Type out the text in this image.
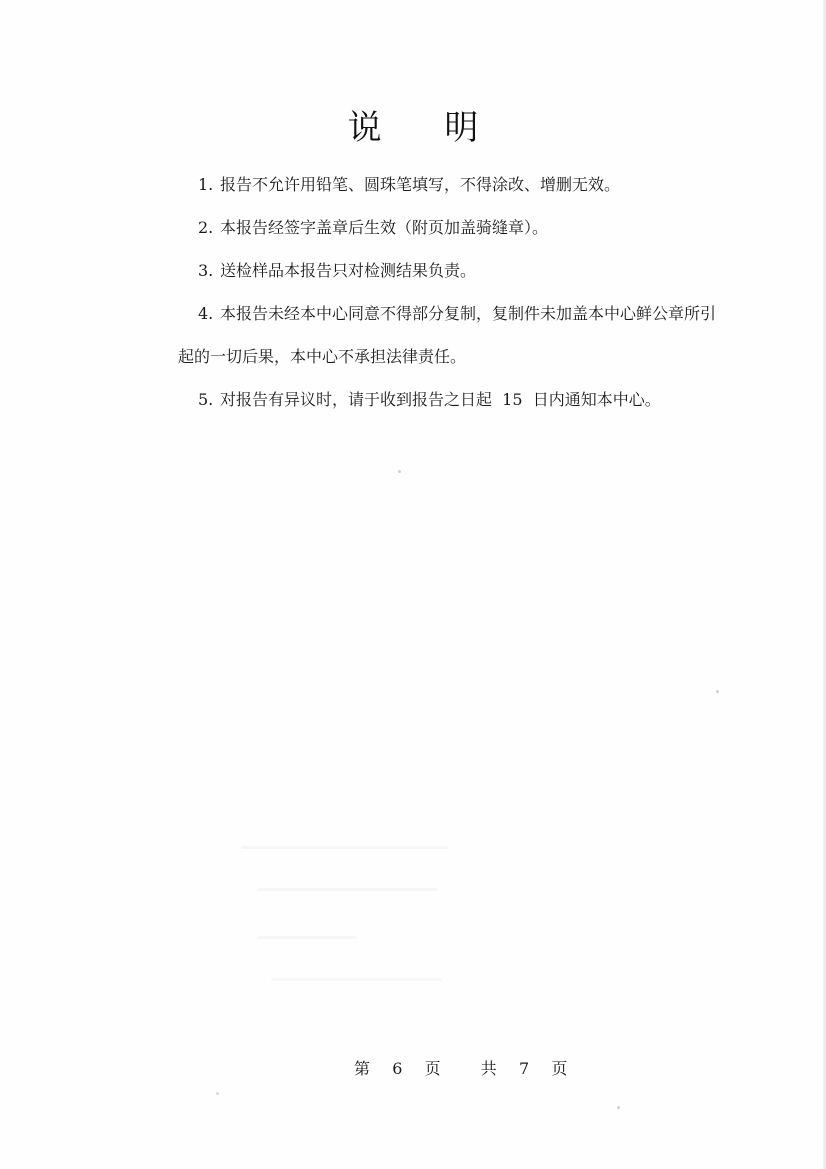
说 明
1. 报告不允许用铅笔、圆珠笔填写，不得涂改、增删无效。
2. 本报告经签字盖章后生效（附页加盖骑缝章）。
3. 送检样品本报告只对检测结果负责。
4. 本报告未经本中心同意不得部分复制，复制件未加盖本中心鲜公章所引
起的一切后果，本中心不承担法律责任。
5. 对报告有异议时，请于收到报告之日起  15  日内通知本中心。
第 6 页	共 7 页
